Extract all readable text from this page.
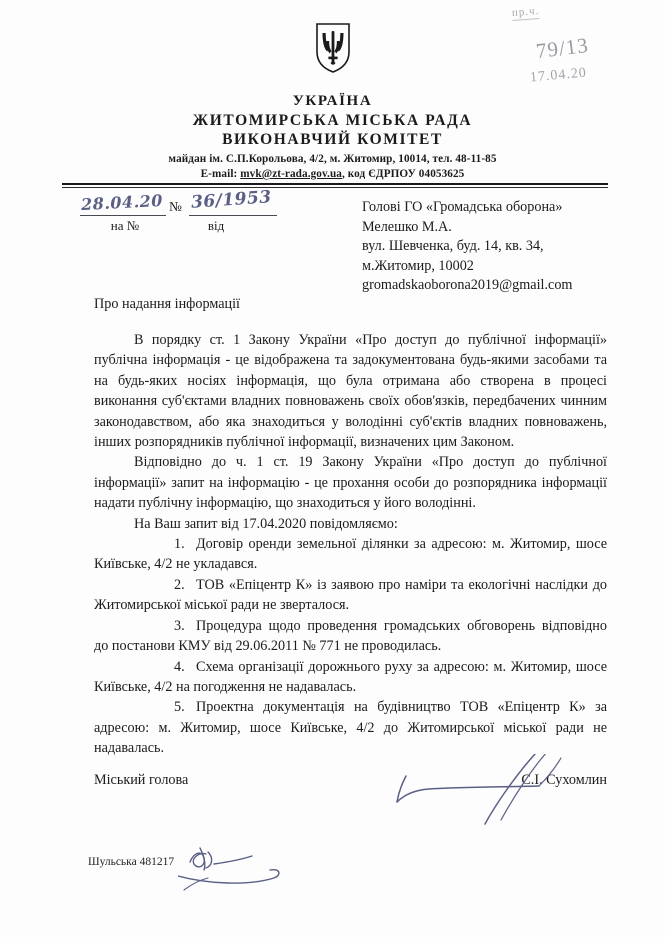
пр.ч.
79/13
17.04.20
УКРАЇНА
ЖИТОМИРСЬКА МІСЬКА РАДА
ВИКОНАВЧИЙ КОМІТЕТ
майдан ім. С.П.Корольова, 4/2, м. Житомир, 10014, тел. 48-11-85
E-mail: mvk@zt-rada.gov.ua, код ЄДРПОУ 04053625
28.04.20 № 36/1953
на №	від
Голові ГО «Громадська оборона»
Мелешко М.А.
вул. Шевченка, буд. 14, кв. 34,
м.Житомир, 10002
gromadskaoborona2019@gmail.com
Про надання інформації

В порядку ст. 1 Закону України «Про доступ до публічної інформації» публічна інформація - це відображена та задокументована будь-якими засобами та на будь-яких носіях інформація, що була отримана або створена в процесі виконання суб'єктами владних повноважень своїх обов'язків, передбачених чинним законодавством, або яка знаходиться у володінні суб'єктів владних повноважень, інших розпорядників публічної інформації, визначених цим Законом.

Відповідно до ч. 1 ст. 19 Закону України «Про доступ до публічної інформації» запит на інформацію - це прохання особи до розпорядника інформації надати публічну інформацію, що знаходиться у його володінні.

На Ваш запит від 17.04.2020 повідомляємо:

1. Договір оренди земельної ділянки за адресою: м. Житомир, шосе Київське, 4/2 не укладався.

2. ТОВ «Епіцентр К» із заявою про наміри та екологічні наслідки до Житомирської міської ради не зверталося.

3. Процедура щодо проведення громадських обговорень відповідно до постанови КМУ від 29.06.2011 № 771 не проводилась.

4. Схема організації дорожнього руху за адресою: м. Житомир, шосе Київське, 4/2 на погодження не надавалась.

5. Проектна документація на будівництво ТОВ «Епіцентр К» за адресою: м. Житомир, шосе Київське, 4/2 до Житомирської міської ради не надавалась.

Міський голова	С.І. Сухомлин
Шульська 481217
